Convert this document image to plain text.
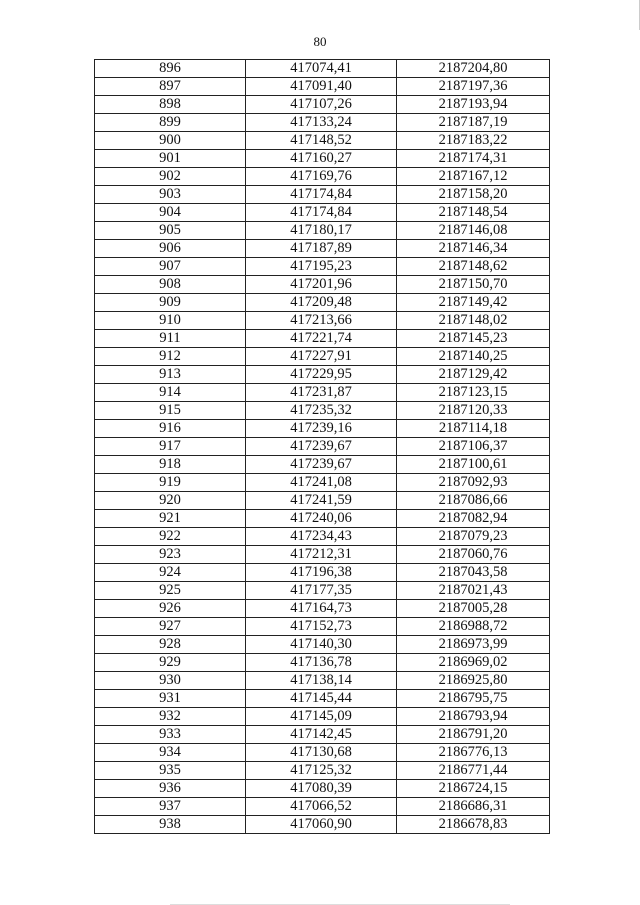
80
896	417074,41	2187204,80
897	417091,40	2187197,36
898	417107,26	2187193,94
899	417133,24	2187187,19
900	417148,52	2187183,22
901	417160,27	2187174,31
902	417169,76	2187167,12
903	417174,84	2187158,20
904	417174,84	2187148,54
905	417180,17	2187146,08
906	417187,89	2187146,34
907	417195,23	2187148,62
908	417201,96	2187150,70
909	417209,48	2187149,42
910	417213,66	2187148,02
911	417221,74	2187145,23
912	417227,91	2187140,25
913	417229,95	2187129,42
914	417231,87	2187123,15
915	417235,32	2187120,33
916	417239,16	2187114,18
917	417239,67	2187106,37
918	417239,67	2187100,61
919	417241,08	2187092,93
920	417241,59	2187086,66
921	417240,06	2187082,94
922	417234,43	2187079,23
923	417212,31	2187060,76
924	417196,38	2187043,58
925	417177,35	2187021,43
926	417164,73	2187005,28
927	417152,73	2186988,72
928	417140,30	2186973,99
929	417136,78	2186969,02
930	417138,14	2186925,80
931	417145,44	2186795,75
932	417145,09	2186793,94
933	417142,45	2186791,20
934	417130,68	2186776,13
935	417125,32	2186771,44
936	417080,39	2186724,15
937	417066,52	2186686,31
938	417060,90	2186678,83
